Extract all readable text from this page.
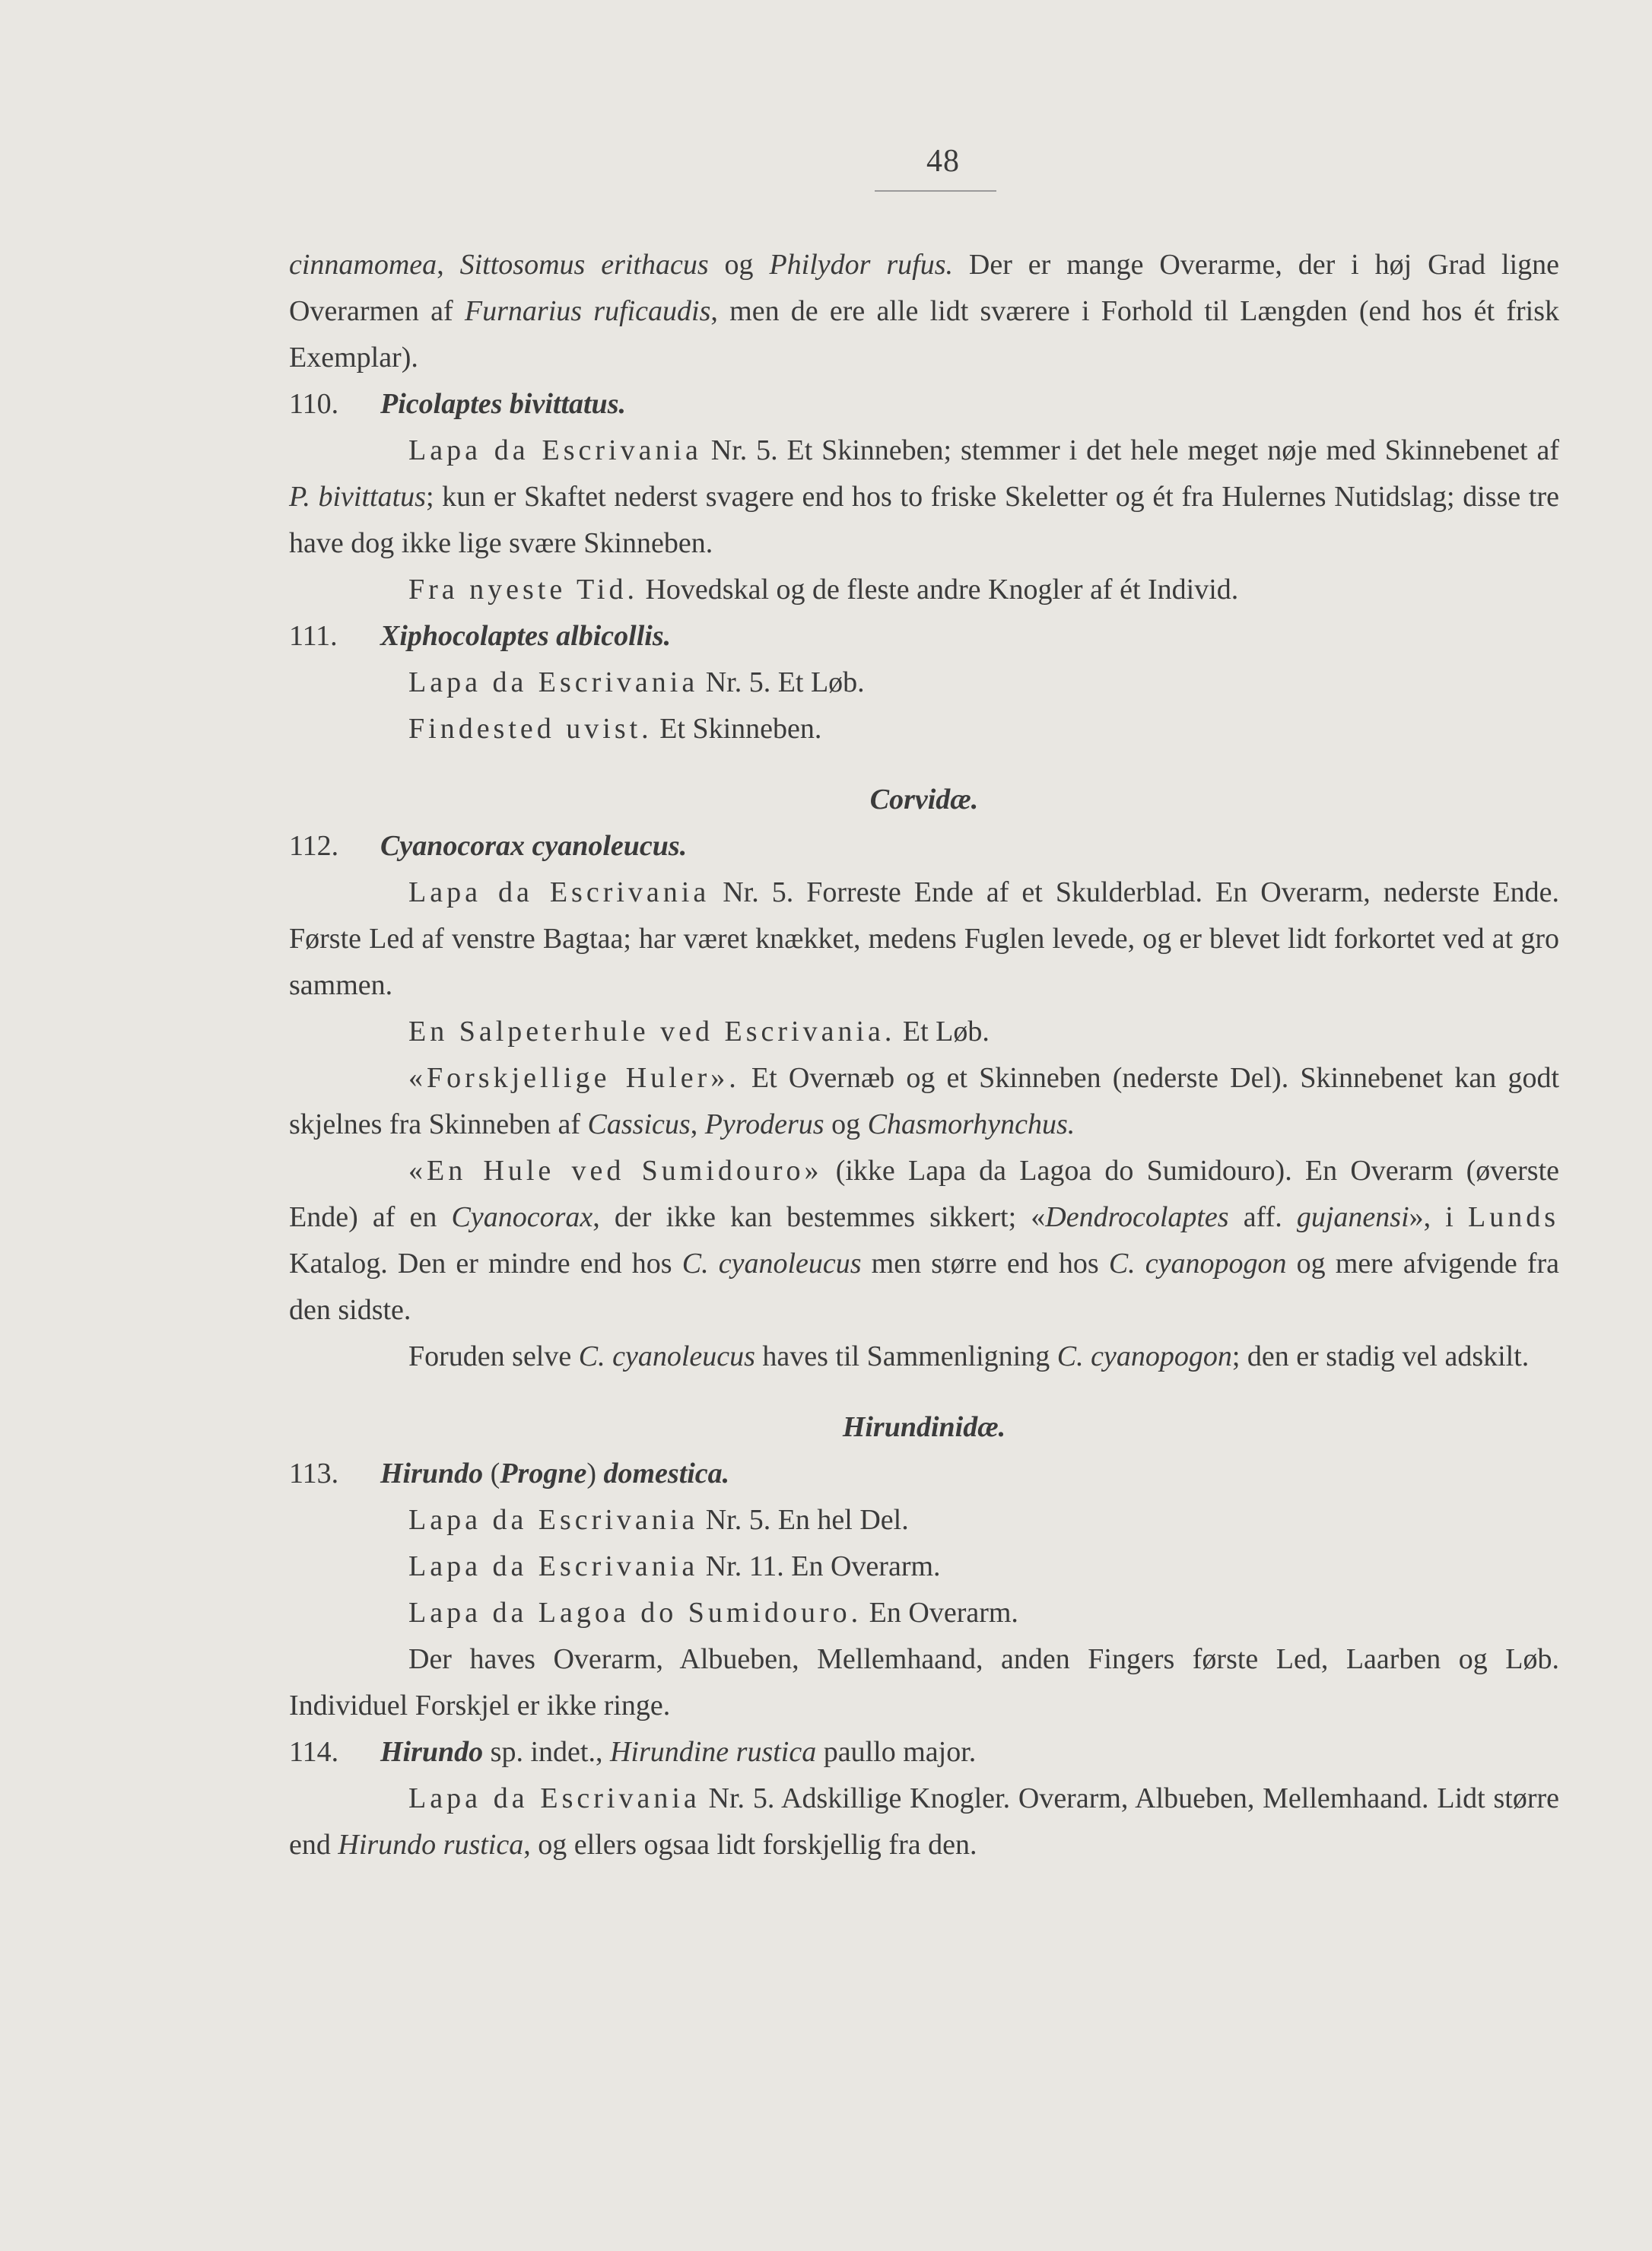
48

cinnamomea, Sittosomus erithacus og Philydor rufus. Der er mange Overarme, der i høj Grad ligne Overarmen af Furnarius ruficaudis, men de ere alle lidt sværere i Forhold til Længden (end hos ét frisk Exemplar).

110. Picolaptes bivittatus.

Lapa da Escrivania Nr. 5. Et Skinneben; stemmer i det hele meget nøje med Skinnebenet af P. bivittatus; kun er Skaftet nederst svagere end hos to friske Skeletter og ét fra Hulernes Nutidslag; disse tre have dog ikke lige svære Skinneben.

Fra nyeste Tid. Hovedskal og de fleste andre Knogler af ét Individ.

111. Xiphocolaptes albicollis.

Lapa da Escrivania Nr. 5. Et Løb.

Findested uvist. Et Skinneben.

Corvidæ.

112. Cyanocorax cyanoleucus.

Lapa da Escrivania Nr. 5. Forreste Ende af et Skulderblad. En Overarm, nederste Ende. Første Led af venstre Bagtaa; har været knækket, medens Fuglen levede, og er blevet lidt forkortet ved at gro sammen.

En Salpeterhule ved Escrivania. Et Løb.

«Forskjellige Huler». Et Overnæb og et Skinneben (nederste Del). Skinnebenet kan godt skjelnes fra Skinneben af Cassicus, Pyroderus og Chasmorhynchus.

«En Hule ved Sumidouro» (ikke Lapa da Lagoa do Sumidouro). En Overarm (øverste Ende) af en Cyanocorax, der ikke kan bestemmes sikkert; «Dendrocolaptes aff. gujanensi», i Lunds Katalog. Den er mindre end hos C. cyanoleucus men større end hos C. cyanopogon og mere afvigende fra den sidste.

Foruden selve C. cyanoleucus haves til Sammenligning C. cyanopogon; den er stadig vel adskilt.

Hirundinidæ.

113. Hirundo (Progne) domestica.

Lapa da Escrivania Nr. 5. En hel Del.

Lapa da Escrivania Nr. 11. En Overarm.

Lapa da Lagoa do Sumidouro. En Overarm.

Der haves Overarm, Albueben, Mellemhaand, anden Fingers første Led, Laarben og Løb. Individuel Forskjel er ikke ringe.

114. Hirundo sp. indet., Hirundine rustica paullo major.

Lapa da Escrivania Nr. 5. Adskillige Knogler. Overarm, Albueben, Mellemhaand. Lidt større end Hirundo rustica, og ellers ogsaa lidt forskjellig fra den.
